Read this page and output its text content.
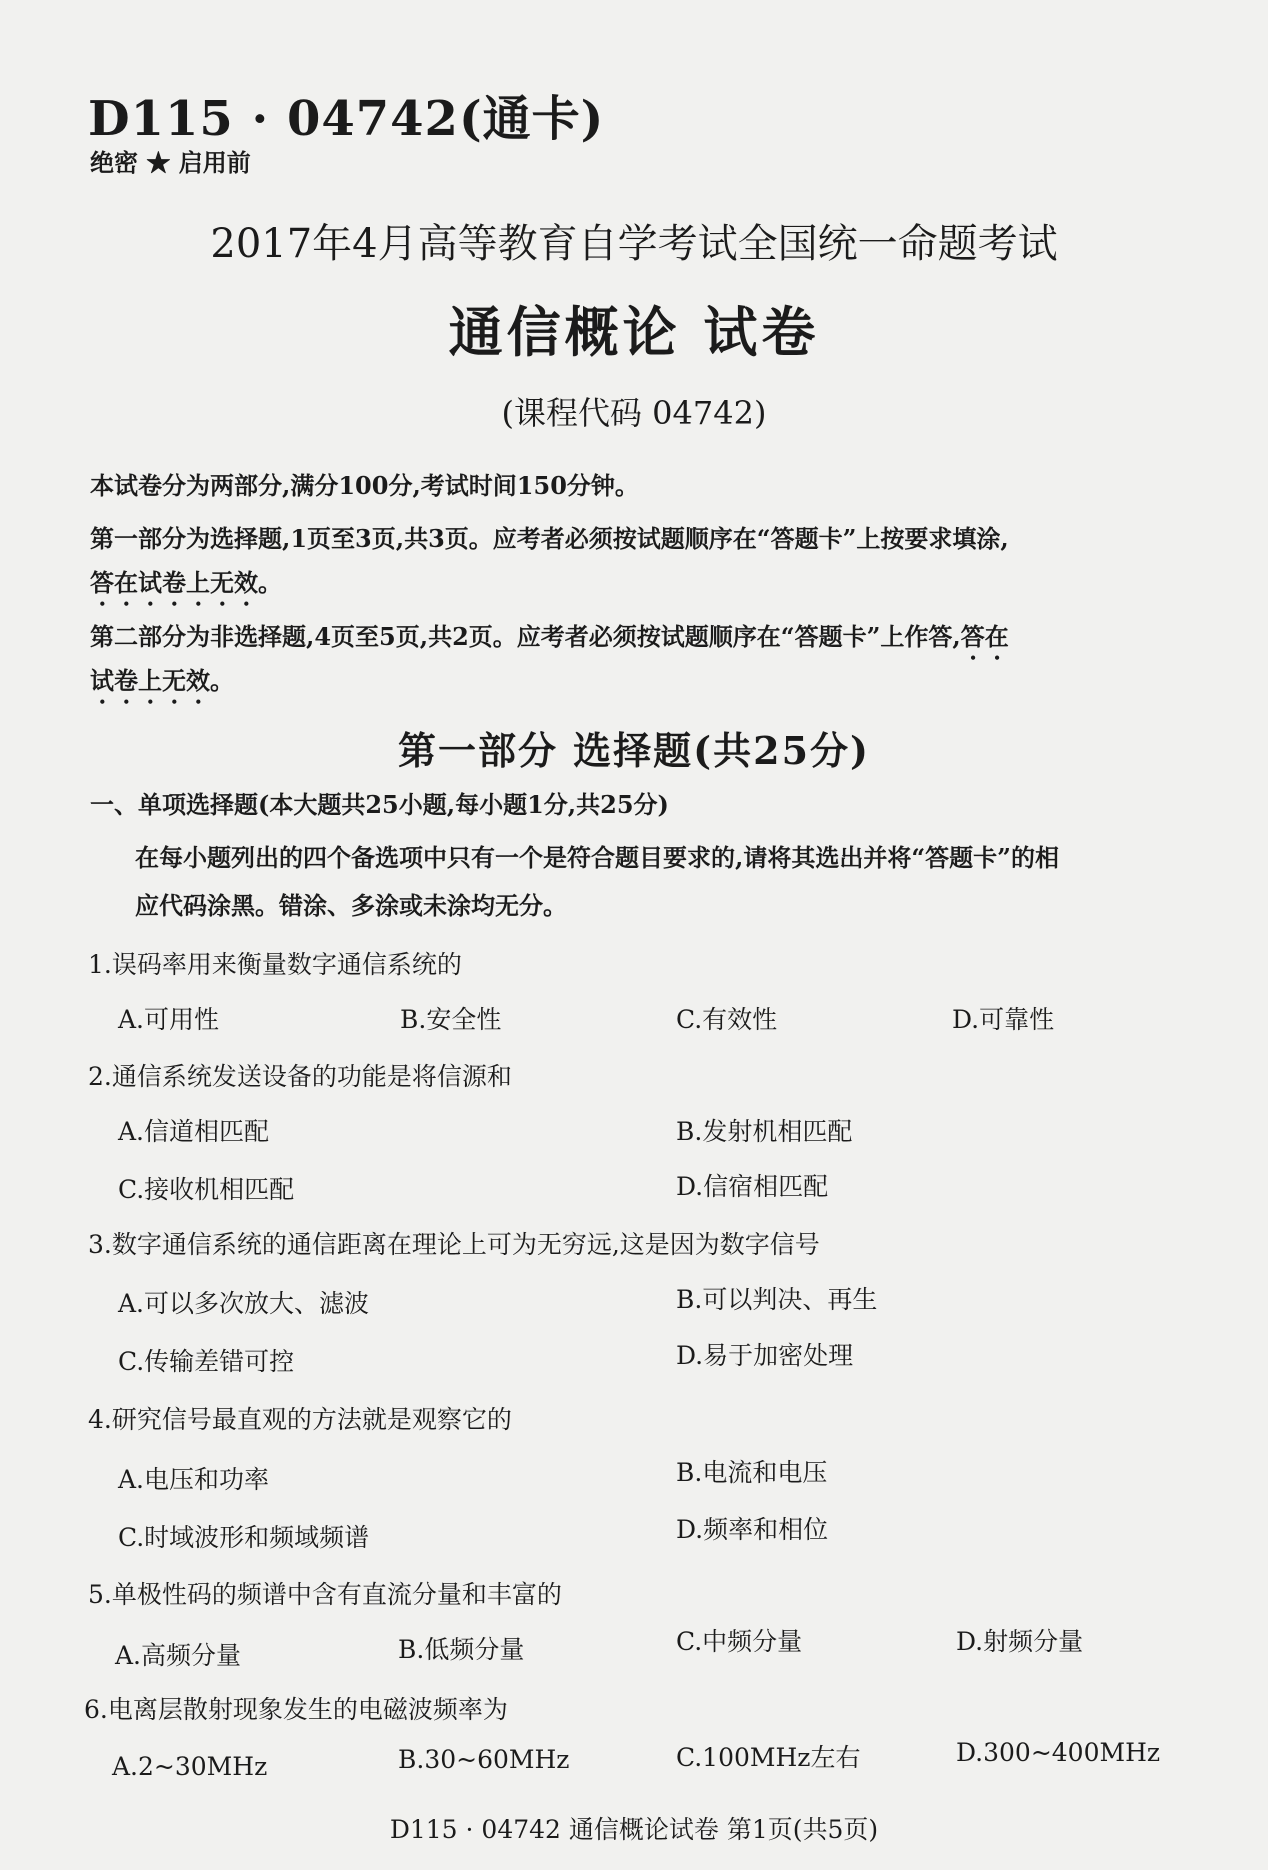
D115 · 04742(通卡)
绝密 ★ 启用前
2017年4月高等教育自学考试全国统一命题考试
通信概论 试卷
(课程代码 04742)
本试卷分为两部分,满分100分,考试时间150分钟。
第一部分为选择题,1页至3页,共3页。应考者必须按试题顺序在“答题卡”上按要求填涂,
答在试卷上无效。
第二部分为非选择题,4页至5页,共2页。应考者必须按试题顺序在“答题卡”上作答,答在
试卷上无效。
第一部分 选择题(共25分)
一、单项选择题(本大题共25小题,每小题1分,共25分)
在每小题列出的四个备选项中只有一个是符合题目要求的,请将其选出并将“答题卡”的相
应代码涂黑。错涂、多涂或未涂均无分。
1.误码率用来衡量数字通信系统的
A.可用性	B.安全性	C.有效性	D.可靠性
2.通信系统发送设备的功能是将信源和
A.信道相匹配	B.发射机相匹配
C.接收机相匹配	D.信宿相匹配
3.数字通信系统的通信距离在理论上可为无穷远,这是因为数字信号
A.可以多次放大、滤波	B.可以判决、再生
C.传输差错可控	D.易于加密处理
4.研究信号最直观的方法就是观察它的
A.电压和功率	B.电流和电压
C.时域波形和频域频谱	D.频率和相位
5.单极性码的频谱中含有直流分量和丰富的
A.高频分量	B.低频分量	C.中频分量	D.射频分量
6.电离层散射现象发生的电磁波频率为
A.2~30MHz	B.30~60MHz	C.100MHz左右	D.300~400MHz
D115 · 04742 通信概论试卷 第1页(共5页)
